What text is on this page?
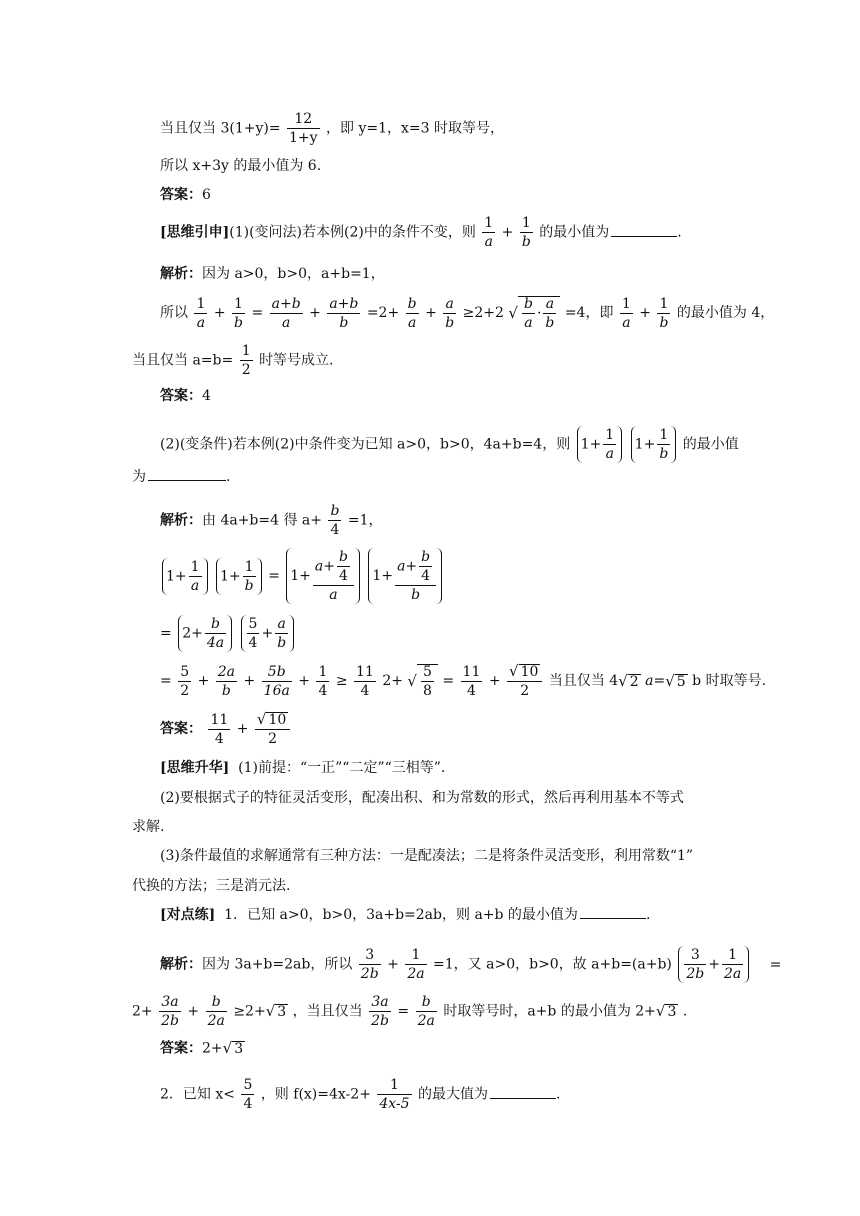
当且仅当 $3(1+y)= \frac{12}{1+y}$ ，即 y=1，x=3 时取等号，
所以 x+3y 的最小值为 6.
答案：6
[思维引申](1)(变问法)若本例(2)中的条件不变，则 $\frac{1}{a} + \frac{1}{b}$ 的最小值为	.
解析：因为 a>0，b>0，a+b=1，
所以 $\frac{1}{a} + \frac{1}{b} = \frac{a+b}{a} + \frac{a+b}{b} =2+ \frac{b}{a} + \frac{a}{b} \ge 2+2$ √ $\frac{b}{a} \cdot \frac{a}{b} =4$，即 $\frac{1}{a} + \frac{1}{b}$ 的最小值为 4，
当且仅当 $a=b= \frac{1}{2}$ 时等号成立.
答案：4
(2)(变条件)若本例(2)中条件变为已知 a>0，b>0，4a+b=4，则 $1+ \frac{1}{a} 1+ \frac{1}{b}$ 的最小值
为	.
解析：由 4a+b=4 得 $a+ \frac{b}{4} =1$，
$1+ \frac{1}{a} 1+ \frac{1}{b} = 1+ \frac{a+ \frac{b}{4}}{a} 1+ \frac{a+ \frac{b}{4}}{b}$
= $2+ \frac{b}{4a}$
$\frac{5}{4} + \frac{a}{b}$
= $\frac{5}{2} + \frac{2a}{b} + \frac{5b}{16a} + \frac{1}{4} \ge \frac{11}{4} 2+$ √ $\frac{5}{8} = \frac{11}{4} + \frac{√ 10}{2}$ 当且仅当 4√ 2 a=√ 5 b 时取等号.
答案： $\frac{11}{4} + \frac{√ 10}{2}$
[思维升华] (1)前提：“一正”“二定”“三相等”.
(2)要根据式子的特征灵活变形，配凑出积、和为常数的形式，然后再利用基本不等式
求解.
(3)条件最值的求解通常有三种方法：一是配凑法；二是将条件灵活变形，利用常数“1”
代换的方法；三是消元法.
[对点练] 1．已知 a>0，b>0，3a+b=2ab，则 a+b 的最小值为	.
解析：因为 3a+b=2ab，所以 $\frac{3}{2b} + \frac{1}{2a} =1$，又 a>0，b>0，故 $a+b=(a+b) \frac{3}{2b} + \frac{1}{2a}$ =
$2+ \frac{3a}{2b} + \frac{b}{2a} \ge 2+√$ 3 ，当且仅当 $\frac{3a}{2b} = \frac{b}{2a}$ 时取等号时，a+b 的最小值为 2+√ 3 .
答案：2+√ 3
2．已知 $x< \frac{5}{4}$ ，则 $f(x)=4x-2+ \frac{1}{4x-5}$ 的最大值为	.
